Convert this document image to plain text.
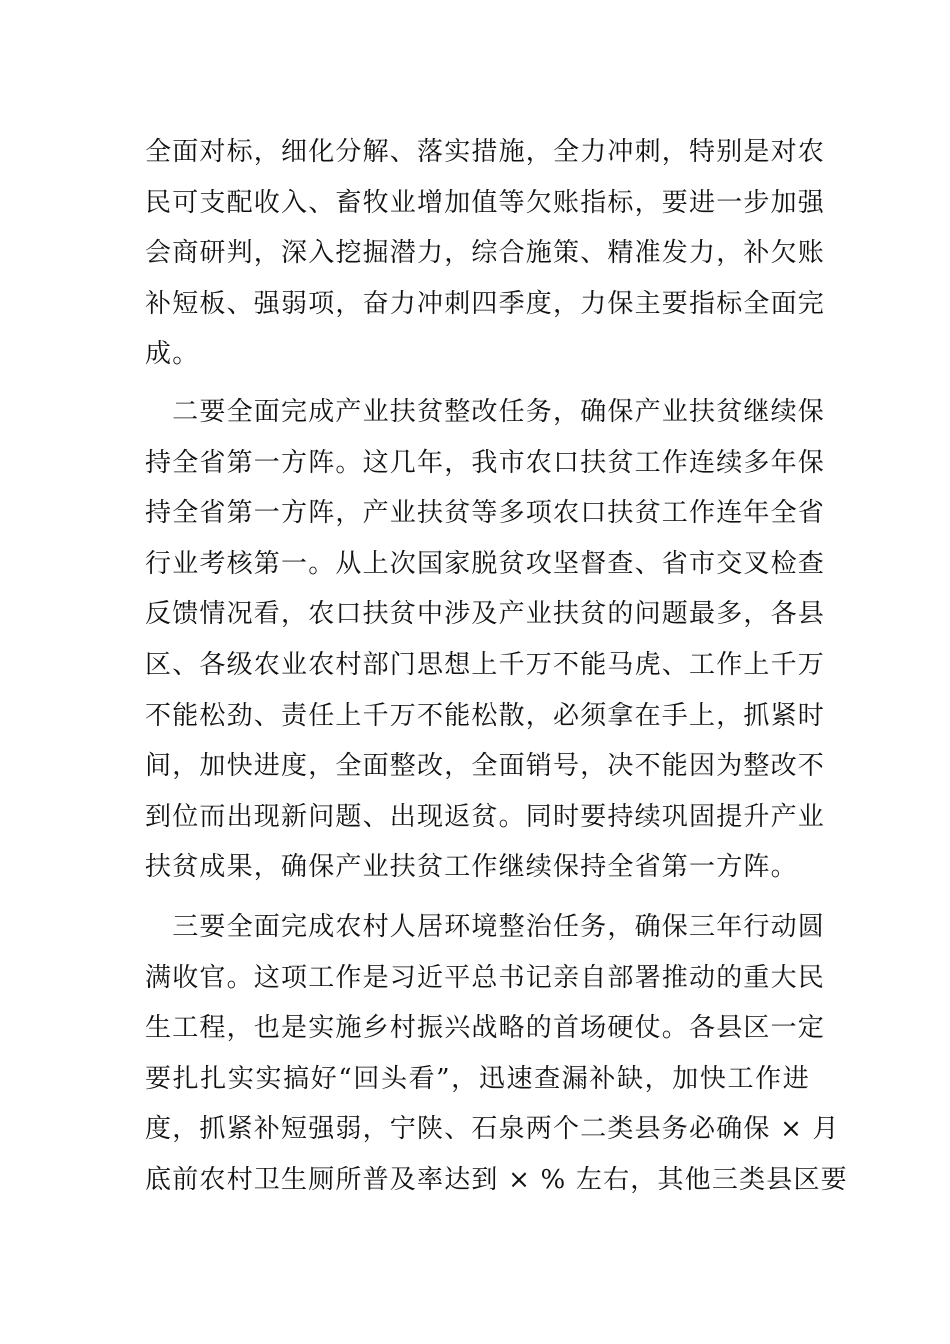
全面对标，细化分解、落实措施，全力冲刺，特别是对农
民可支配收入、畜牧业增加值等欠账指标，要进一步加强
会商研判，深入挖掘潜力，综合施策、精准发力，补欠账
补短板、强弱项，奋力冲刺四季度，力保主要指标全面完
成。
　二要全面完成产业扶贫整改任务，确保产业扶贫继续保
持全省第一方阵。这几年，我市农口扶贫工作连续多年保
持全省第一方阵，产业扶贫等多项农口扶贫工作连年全省
行业考核第一。从上次国家脱贫攻坚督查、省市交叉检查
反馈情况看，农口扶贫中涉及产业扶贫的问题最多，各县
区、各级农业农村部门思想上千万不能马虎、工作上千万
不能松劲、责任上千万不能松散，必须拿在手上，抓紧时
间，加快进度，全面整改，全面销号，决不能因为整改不
到位而出现新问题、出现返贫。同时要持续巩固提升产业
扶贫成果，确保产业扶贫工作继续保持全省第一方阵。
　三要全面完成农村人居环境整治任务，确保三年行动圆
满收官。这项工作是习近平总书记亲自部署推动的重大民
生工程，也是实施乡村振兴战略的首场硬仗。各县区一定
要扎扎实实搞好“回头看”，迅速查漏补缺，加快工作进
度，抓紧补短强弱，宁陕、石泉两个二类县务必确保 × 月
底前农村卫生厕所普及率达到 × % 左右，其他三类县区要
